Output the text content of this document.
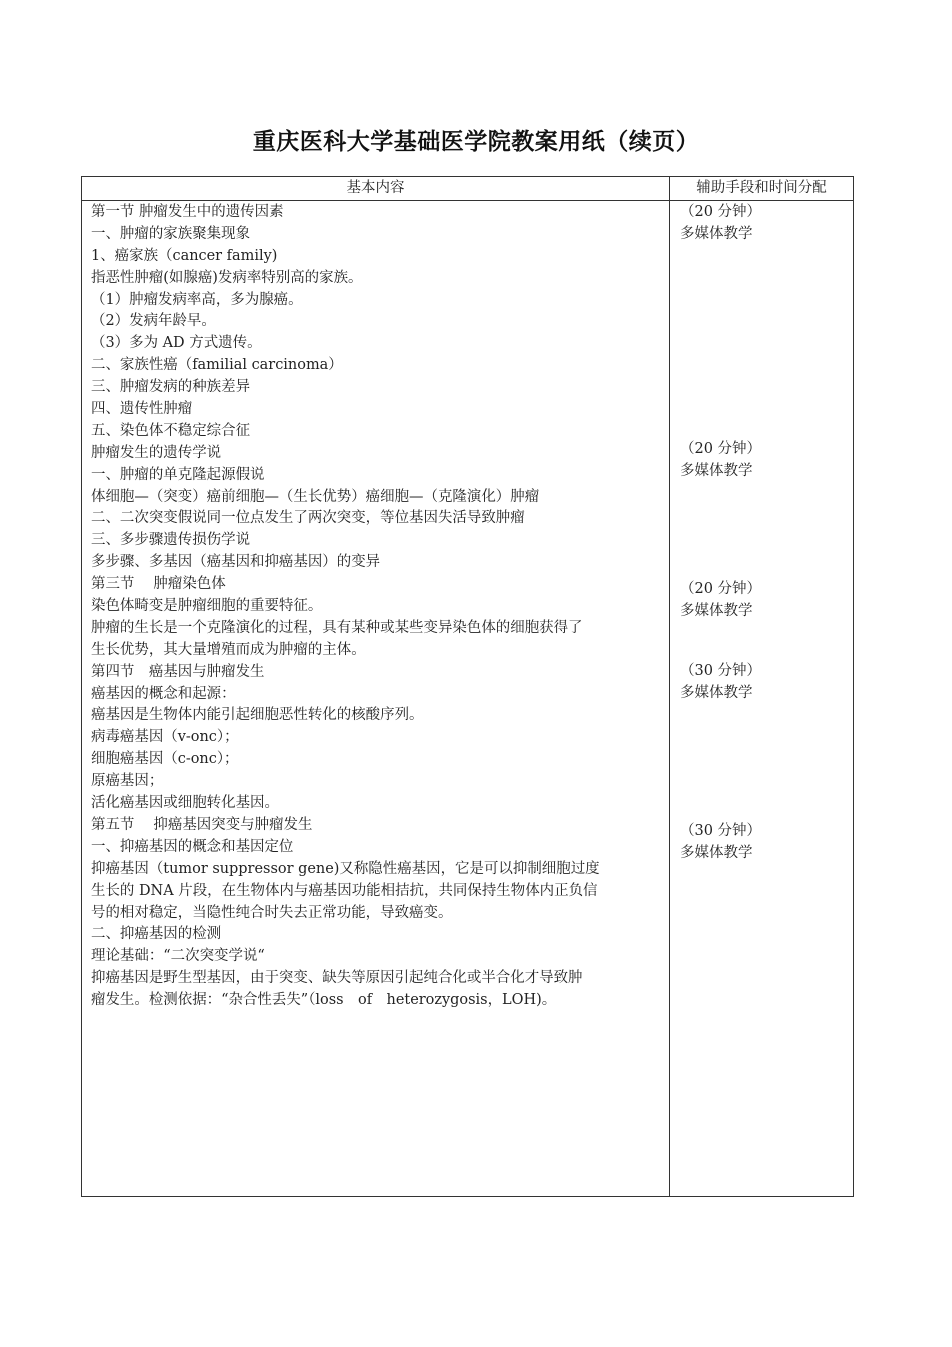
重庆医科大学基础医学院教案用纸（续页）
基本内容	辅助手段和时间分配
第一节 肿瘤发生中的遗传因素
一、肿瘤的家族聚集现象
1、癌家族（cancer family)
指恶性肿瘤(如腺癌)发病率特别高的家族。
（1）肿瘤发病率高，多为腺癌。
（2）发病年龄早。
（3）多为 AD 方式遗传。
二、家族性癌（familial carcinoma）
三、肿瘤发病的种族差异
四、遗传性肿瘤
五、染色体不稳定综合征
肿瘤发生的遗传学说
一、肿瘤的单克隆起源假说
体细胞—（突变）癌前细胞—（生长优势）癌细胞—（克隆演化）肿瘤
二、二次突变假说同一位点发生了两次突变，等位基因失活导致肿瘤
三、多步骤遗传损伤学说
多步骤、多基因（癌基因和抑癌基因）的变异
第三节　 肿瘤染色体
染色体畸变是肿瘤细胞的重要特征。
肿瘤的生长是一个克隆演化的过程，具有某种或某些变异染色体的细胞获得了
生长优势，其大量增殖而成为肿瘤的主体。
第四节　癌基因与肿瘤发生
癌基因的概念和起源：
癌基因是生物体内能引起细胞恶性转化的核酸序列。
病毒癌基因（v-onc）；
细胞癌基因（c-onc）；
原癌基因；
活化癌基因或细胞转化基因。
第五节　 抑癌基因突变与肿瘤发生
一、抑癌基因的概念和基因定位
抑癌基因（tumor suppressor gene)又称隐性癌基因，它是可以抑制细胞过度
生长的 DNA 片段，在生物体内与癌基因功能相拮抗，共同保持生物体内正负信
号的相对稳定，当隐性纯合时失去正常功能，导致癌变。
二、抑癌基因的检测
理论基础：“二次突变学说“
抑癌基因是野生型基因，由于突变、缺失等原因引起纯合化或半合化才导致肿
瘤发生。检测依据：“杂合性丢失”（loss　of　heterozygosis，LOH)。
（20 分钟）
多媒体教学
（20 分钟）
多媒体教学
（20 分钟）
多媒体教学
（30 分钟）
多媒体教学
（30 分钟）
多媒体教学
